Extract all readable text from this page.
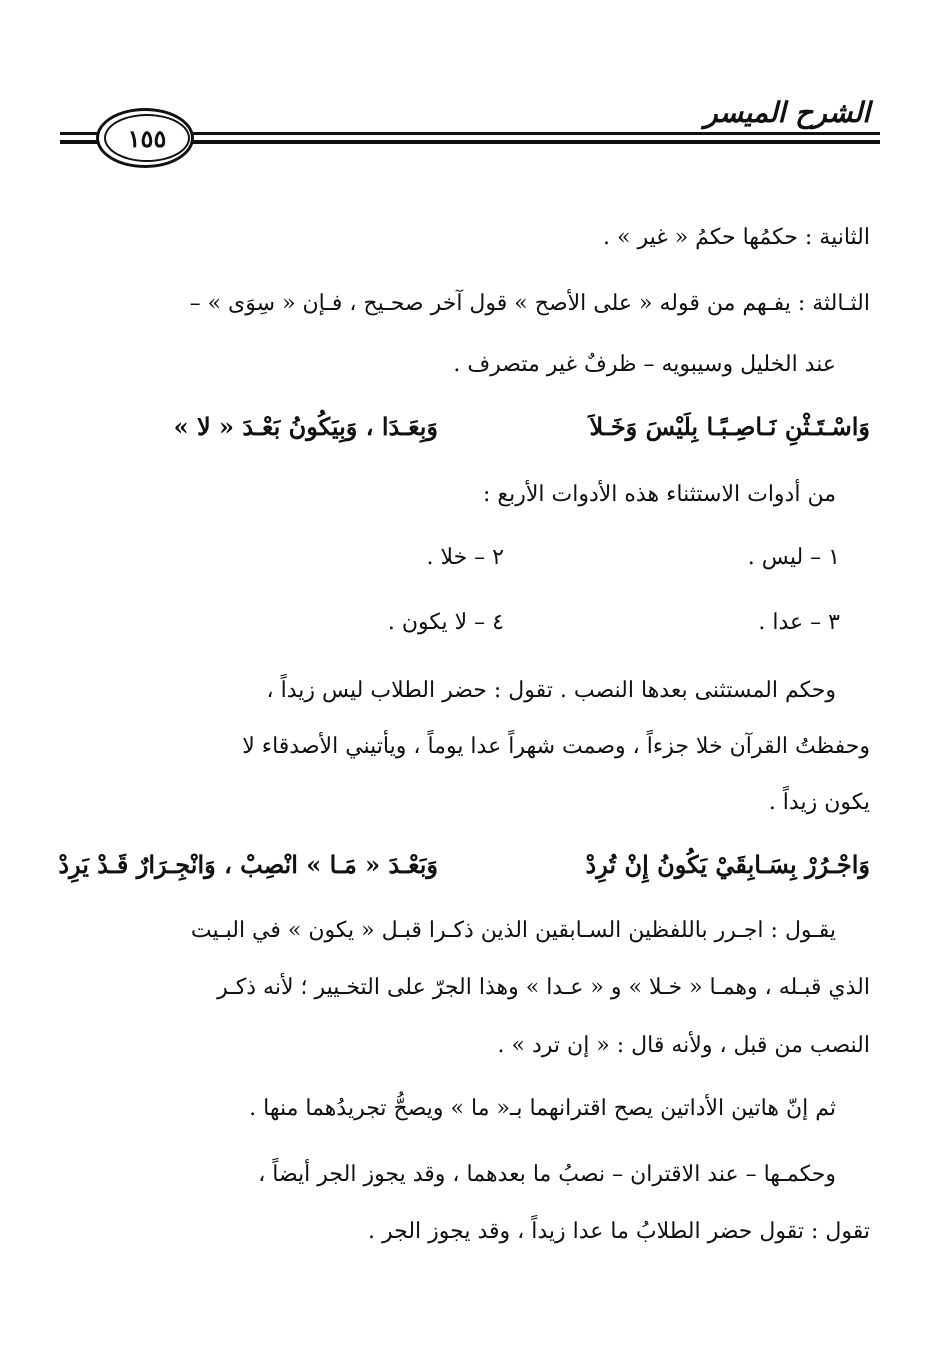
الشرح الميسر
١٥٥
الثانية : حكمُها حكمُ « غير » .
الثـالثة : يفـهم من قوله « على الأصح » قول آخر صحـيح ، فـإن « سِوَى » –
عند الخليل وسيبويه – ظرفٌ غير متصرف .
وَاسْـتَـثْنِ نَـاصِـبًـا بِلَيْسَ وَخَـلاَ
وَبِعَـدَا ، وَبِيَكُونُ بَعْـدَ « لا »
من أدوات الاستثناء هذه الأدوات الأربع :
١ – ليس .
٢ – خلا .
٣ – عدا .
٤ – لا يكون .
وحكم المستثنى بعدها النصب . تقول : حضر الطلاب ليس زيداً ،
وحفظتُ القرآن خلا جزءاً ، وصمت شهراً عدا يوماً ، ويأتيني الأصدقاء لا
يكون زيداً .
وَاجْـرُرْ بِسَـابِقَيْ يَكُونُ إِنْ تُرِدْ
وَبَعْـدَ « مَـا » انْصِبْ ، وَانْجِـرَارٌ قَـدْ يَرِدْ
يقـول : اجـرر باللفظين السـابقين الذين ذكـرا قبـل « يكون » في البـيت
الذي قبـله ، وهمـا « خـلا » و « عـدا » وهذا الجرّ على التخـيير ؛ لأنه ذكـر
النصب من قبل ، ولأنه قال : « إن ترد » .
ثم إنّ هاتين الأداتين يصح اقترانهما بـ« ما » ويصحُّ تجريدُهما منها .
وحكمـها – عند الاقتران – نصبُ ما بعدهما ، وقد يجوز الجر أيضاً ،
تقول : تقول حضر الطلابُ ما عدا زيداً ، وقد يجوز الجر .
